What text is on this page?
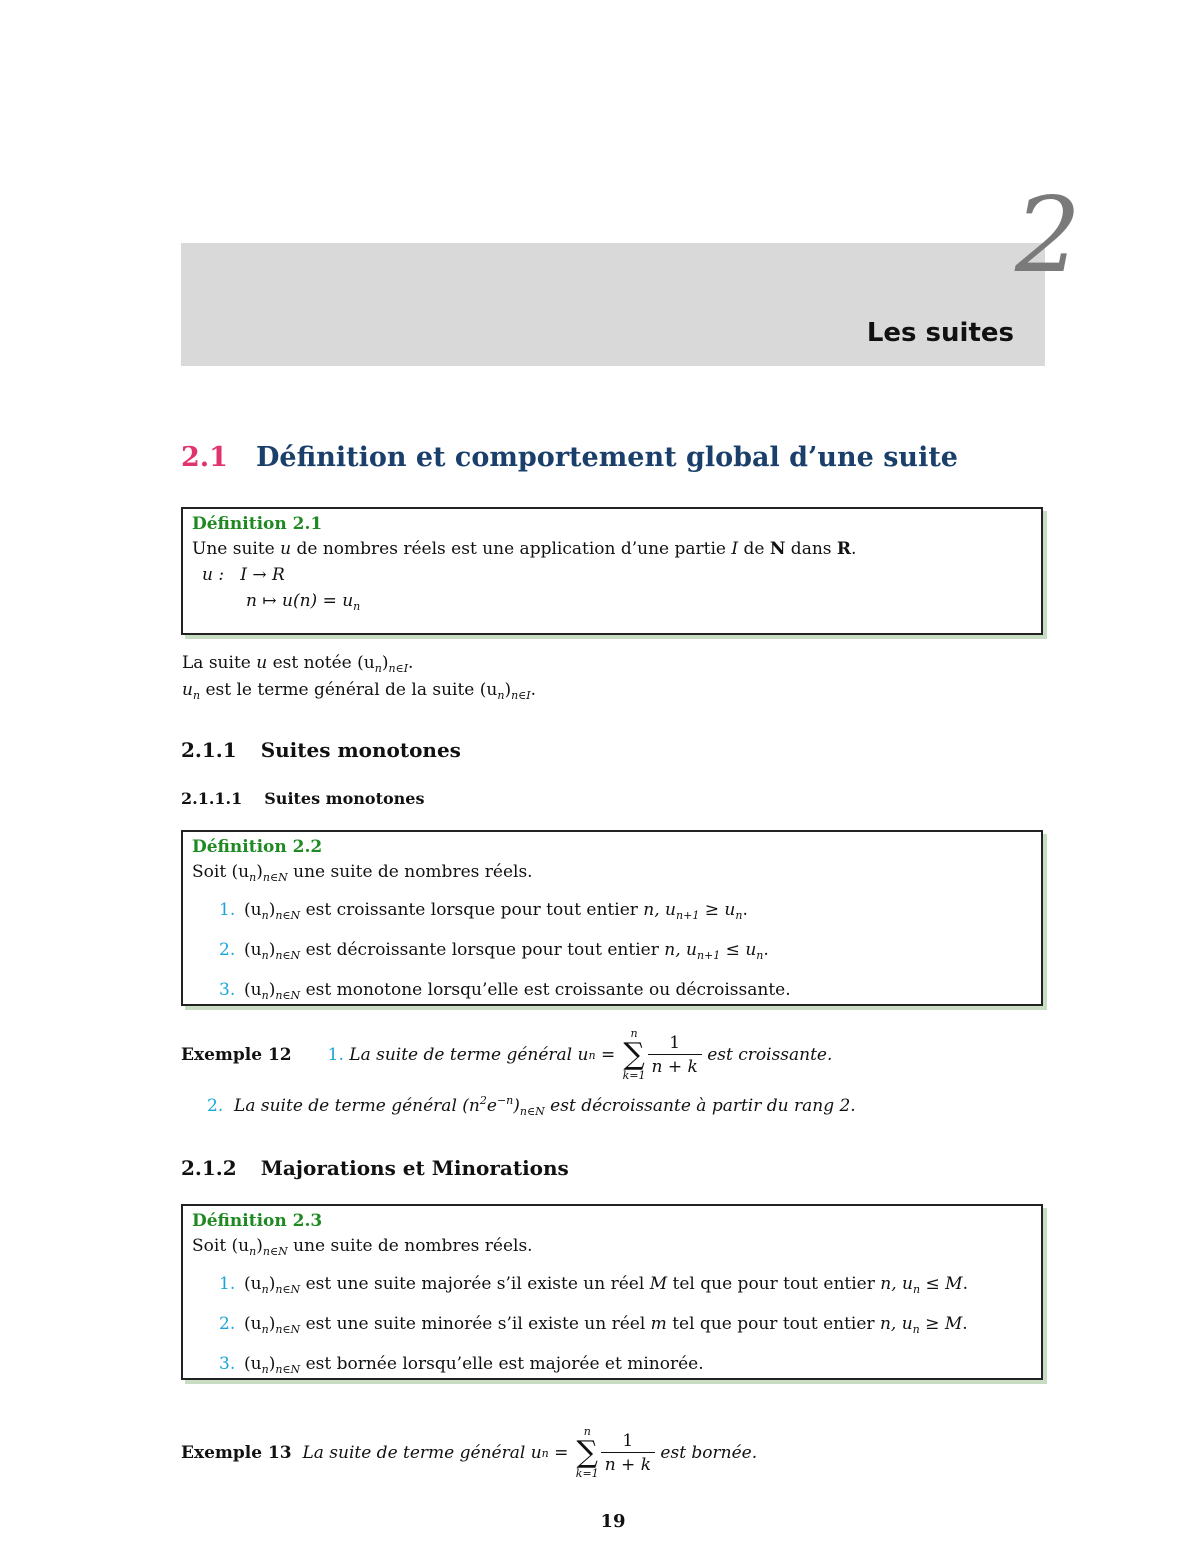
2
Les suites
2.1 Définition et comportement global d’une suite
Définition 2.1
Une suite u de nombres réels est une application d’une partie I de N dans R.
u :   I → R
n ↦ $u(n) = u_n$
La suite u est notée $(u_n)_{n\in I}$.
$u_n$ est le terme général de la suite $(u_n)_{n\in I}$.
2.1.1 Suites monotones
2.1.1.1 Suites monotones
Définition 2.2
Soit $(u_n)_{n\in N}$ une suite de nombres réels.
1. $(u_n)_{n\in N}$ est croissante lorsque pour tout entier n, $u_{n+1} \ge u_n$.
2. $(u_n)_{n\in N}$ est décroissante lorsque pour tout entier n, $u_{n+1} \le u_n$.
3. $(u_n)_{n\in N}$ est monotone lorsqu’elle est croissante ou décroissante.
Exemple 12 1.
La suite de terme général u n =
n
∑
$k=1 \frac{1}{n + k}$ est croissante.
2. La suite de terme général $(n^2e^{-n})_{n\in N}$ est décroissante à partir du rang 2.
2.1.2 Majorations et Minorations
Définition 2.3
Soit $(u_n)_{n\in N}$ une suite de nombres réels.
1. $(u_n)_{n\in N}$ est une suite majorée s’il existe un réel M tel que pour tout entier n, $u_n \le M$.
2. $(u_n)_{n\in N}$ est une suite minorée s’il existe un réel m tel que pour tout entier n, $u_n \ge M$.
3. $(u_n)_{n\in N}$ est bornée lorsqu’elle est majorée et minorée.
Exemple 13
La suite de terme général u n =
n
∑
$k=1 \frac{1}{n + k}$ est bornée.
19
